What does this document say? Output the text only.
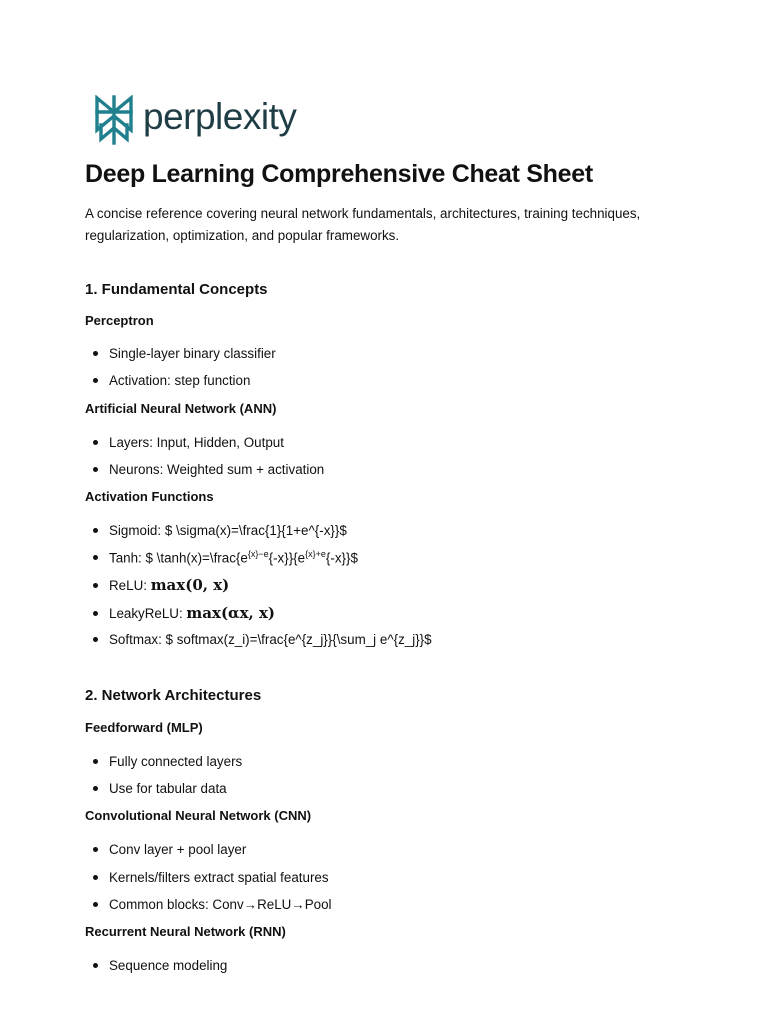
perplexity
Deep Learning Comprehensive Cheat Sheet

A concise reference covering neural network fundamentals, architectures, training techniques, regularization, optimization, and popular frameworks.

1. Fundamental Concepts
Perceptron
Single-layer binary classifier
Activation: step function
Artificial Neural Network (ANN)
Layers: Input, Hidden, Output
Neurons: Weighted sum + activation
Activation Functions
Sigmoid: $ \sigma(x)=\frac{1}{1+e^{-x}}$
Tanh: $ $\backslash\tanh(x)=\backslash frac\{e^{\{x\}-e}\{-x\}\}\{e^{\{x\}+e}\{-x\}\}\$$
ReLU: max(0, x)
LeakyReLU: max(αx, x)
Softmax: $ softmax(z_i)=\frac{e^{z_j}}{\sum_j e^{z_j}}$
2. Network Architectures
Feedforward (MLP)
Fully connected layers
Use for tabular data
Convolutional Neural Network (CNN)
Conv layer + pool layer
Kernels/filters extract spatial features
Common blocks: Conv→ReLU→Pool
Recurrent Neural Network (RNN)
Sequence modeling
